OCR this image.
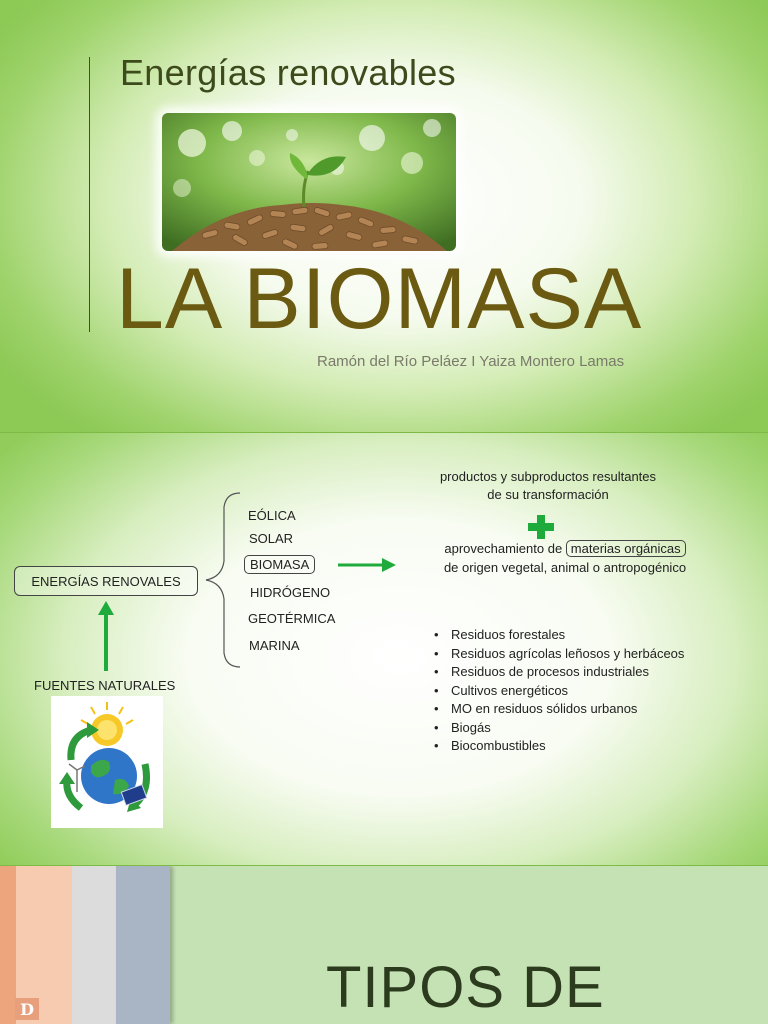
Energías renovables
LA BIOMASA
Ramón del Río Peláez I Yaiza Montero Lamas
ENERGÍAS RENOVALES
FUENTES NATURALES
EÓLICA
SOLAR
BIOMASA
HIDRÓGENO
GEOTÉRMICA
MARINA
productos y subproductos resultantes
de su transformación
aprovechamiento de materias orgánicas
de origen vegetal, animal o antropogénico
• Residuos forestales
• Residuos agrícolas leñosos y herbáceos
• Residuos de procesos industriales
• Cultivos energéticos
• MO en residuos sólidos urbanos
• Biogás
• Biocombustibles
D	TIPOS DE
